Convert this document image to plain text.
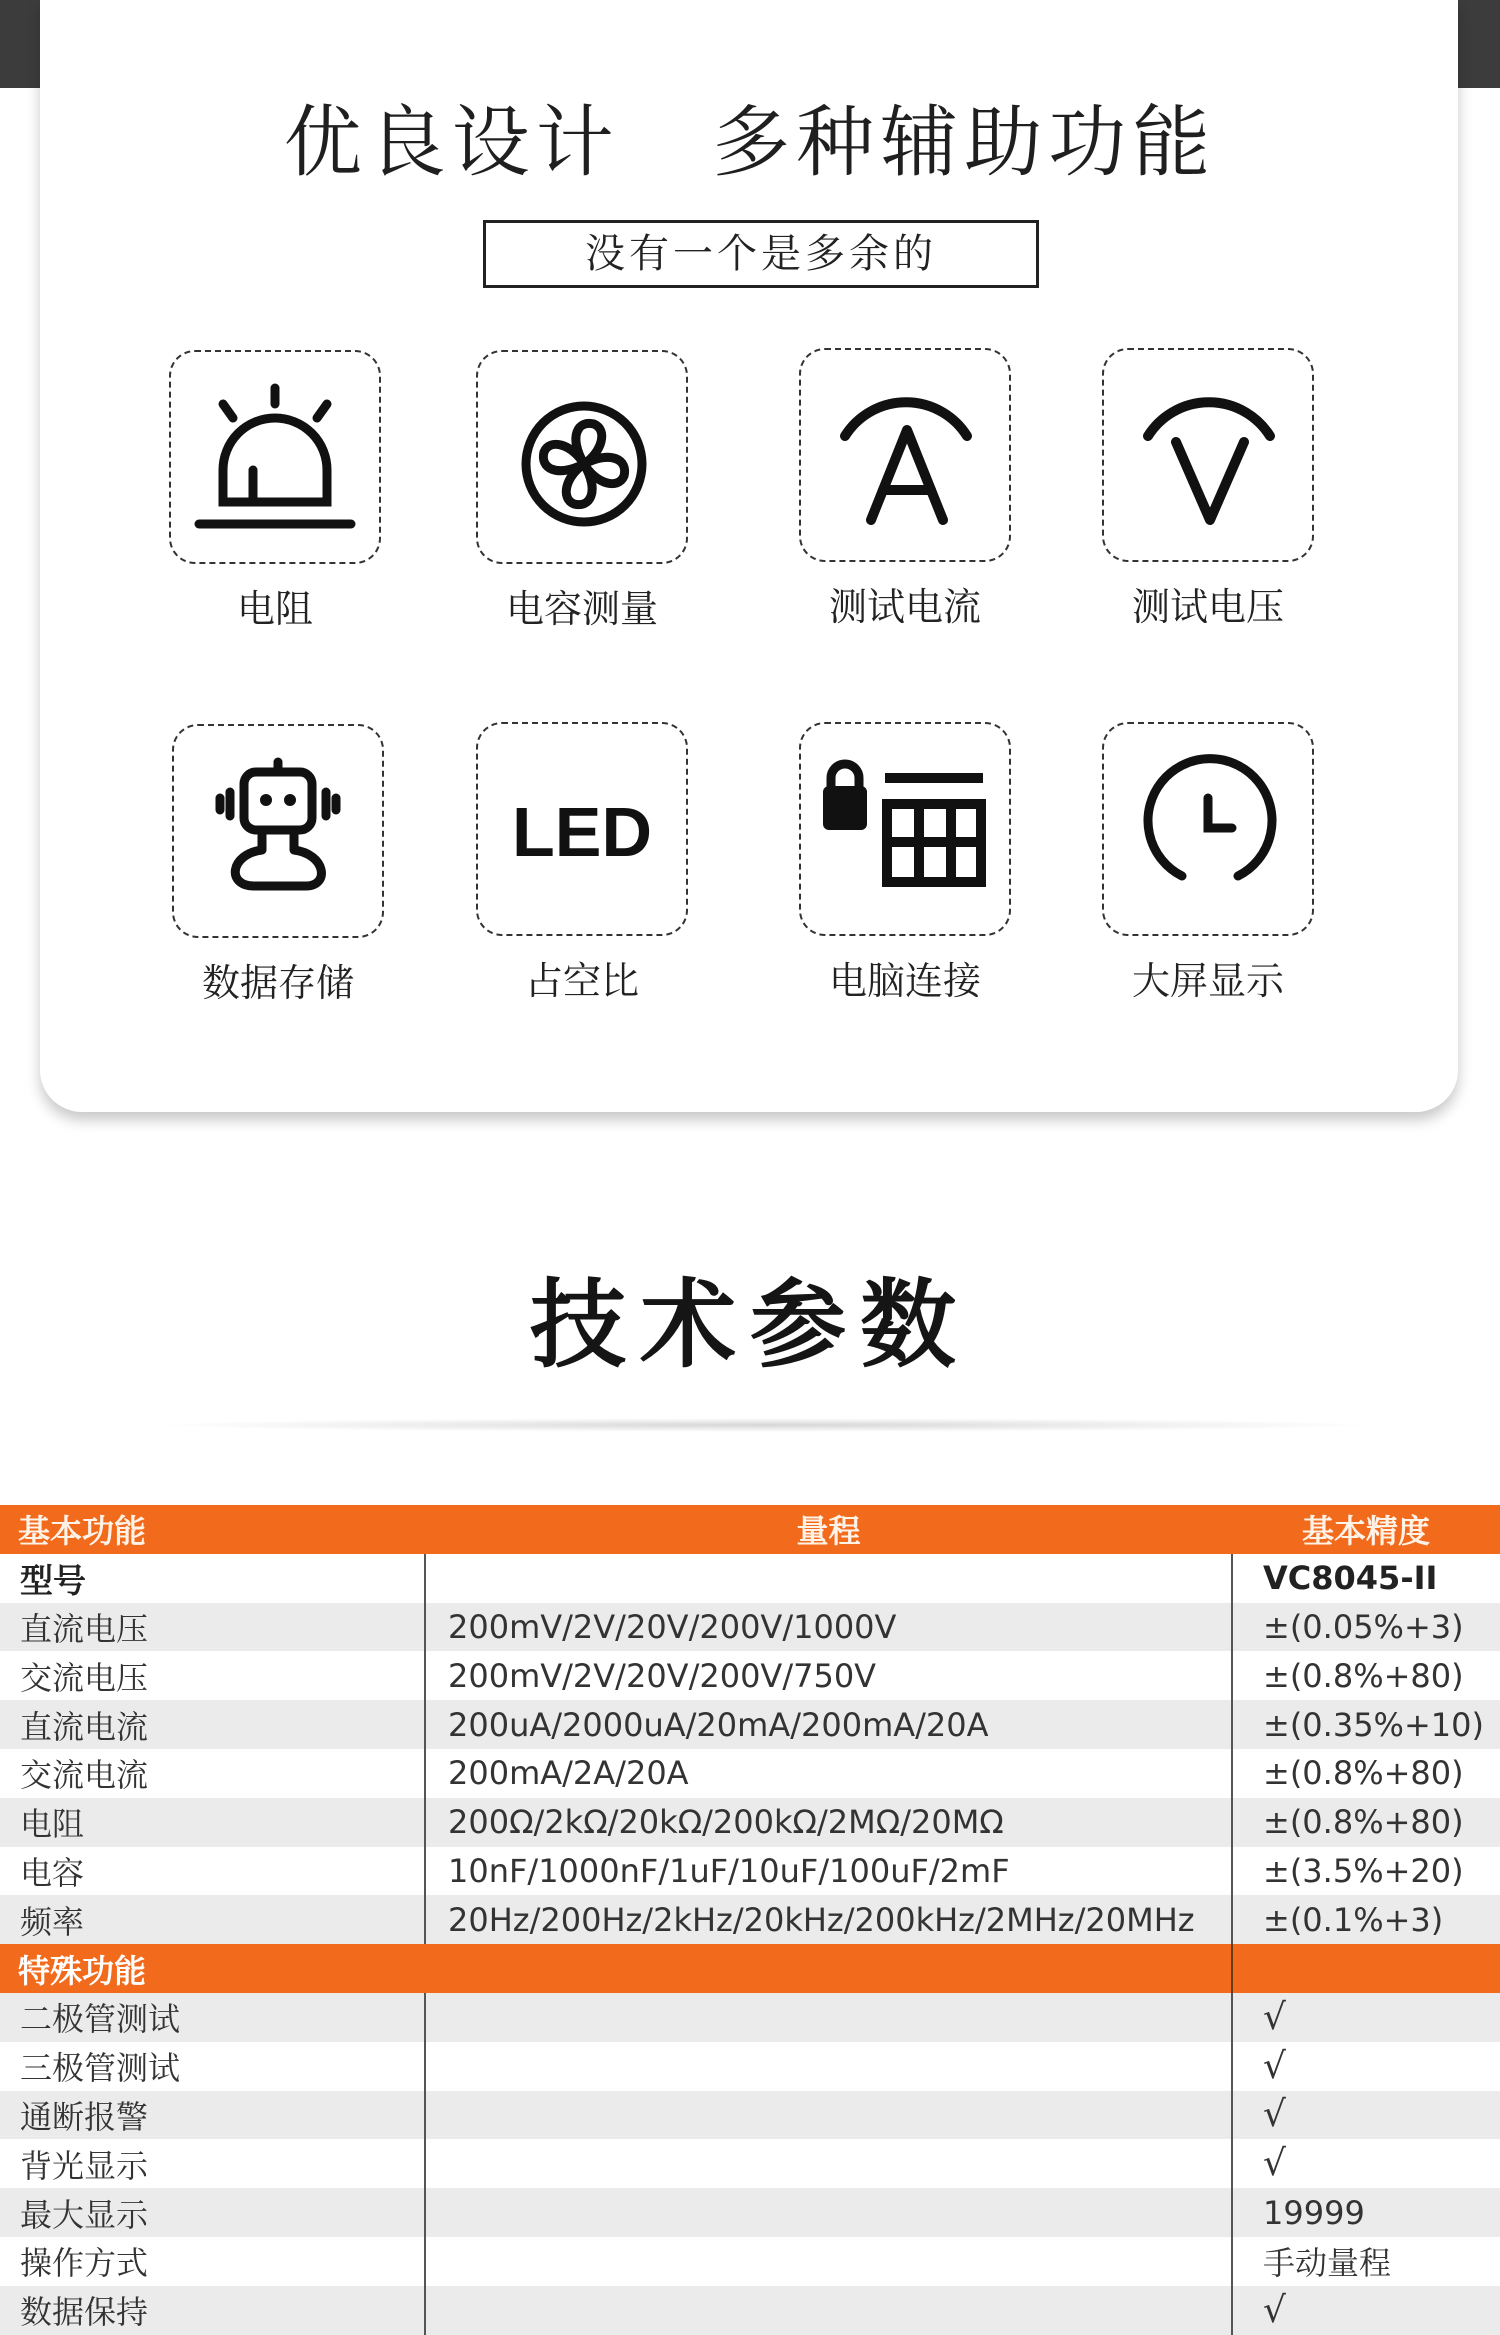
优良设计   多种辅助功能
没有一个是多余的
电阻	电容测量	测试电流	测试电压
数据存储
LED
占空比	电脑连接	大屏显示
技术参数
基本功能	量程	基本精度
型号		VC8045-II
直流电压	200mV/2V/20V/200V/1000V	±(0.05%+3)
交流电压	200mV/2V/20V/200V/750V	±(0.8%+80)
直流电流	200uA/2000uA/20mA/200mA/20A	±(0.35%+10)
交流电流	200mA/2A/20A	±(0.8%+80)
电阻	200Ω/2kΩ/20kΩ/200kΩ/2MΩ/20MΩ	±(0.8%+80)
电容	10nF/1000nF/1uF/10uF/100uF/2mF	±(3.5%+20)
频率	20Hz/200Hz/2kHz/20kHz/200kHz/2MHz/20MHz	±(0.1%+3)
特殊功能		
二极管测试		√
三极管测试		√
通断报警		√
背光显示		√
最大显示		19999
操作方式		手动量程
数据保持		√
